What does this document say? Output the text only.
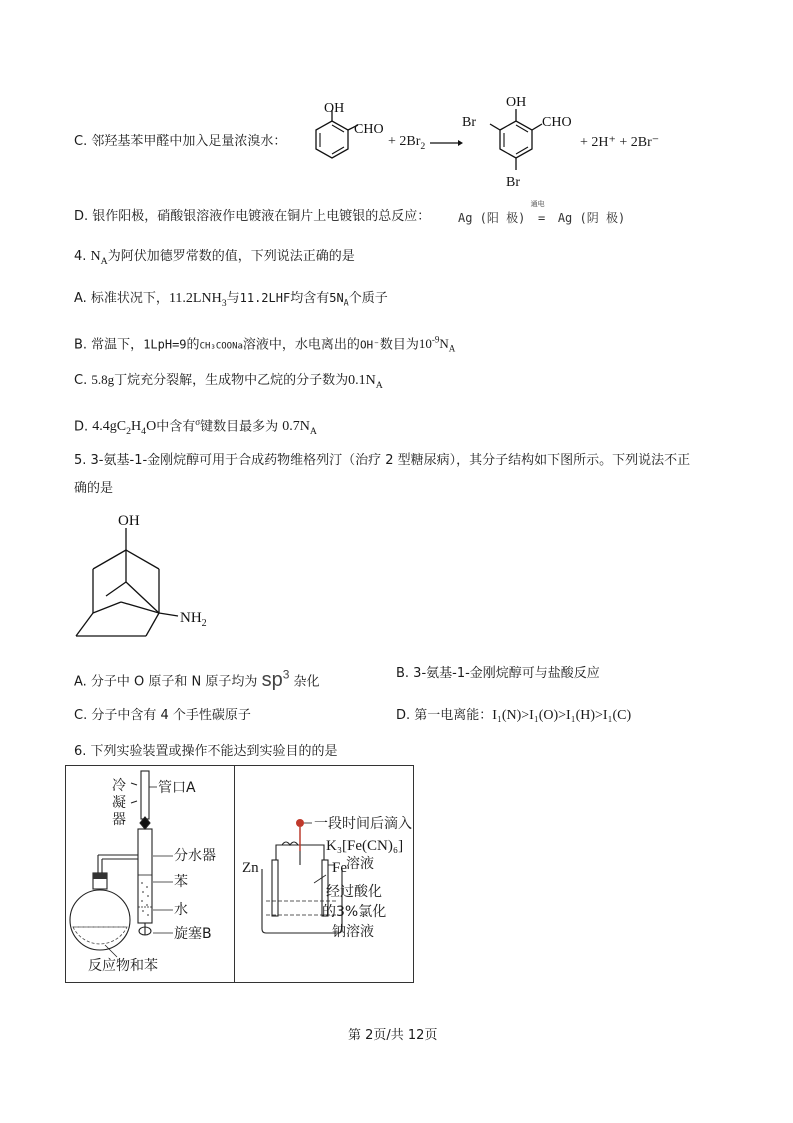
C. 邻羟基苯甲醛中加入足量浓溴水：
OH
CHO
+ $2Br_2$ →
OH
Br	CHO
Br
+ 2H⁺ + 2Br⁻
D. 银作阳极，硝酸银溶液作电镀液在铜片上电镀银的总反应： Ag (阳 极)
通电
= Ag (阴 极)
4. $N_A$为阿伏加德罗常数的值，下列说法正确的是
A. 标准状况下，$11.2LNH_3$与11.2LHF均含有$5N_A$个质子
B. 常温下，1LpH=9的CH₃COONa溶液中，水电离出的OH⁻数目为$10^{-9}N_A$
C. 5.8g丁烷充分裂解，生成物中乙烷的分子数为$0.1N_A$
D. $4.4gC_2H_4O$中含有$^\sigma$键数目最多为 $0.7N_A$
5. 3-氨基-1-金刚烷醇可用于合成药物维格列汀（治疗 2 型糖尿病），其分子结构如下图所示。下列说法不正
确的是
OH
$NH_2$
A. 分子中 O 原子和 N 原子均为 $sp^3$ 杂化
B. 3-氨基-1-金刚烷醇可与盐酸反应
C. 分子中含有 4 个手性碳原子	D. 第一电离能：I₁(N)>I₁(O)>I₁(H)>I₁(C)
6. 下列实验装置或操作不能达到实验目的的是
冷
凝
器
管口A
分水器
苯
水
旋塞B
反应物和苯
一段时间后滴入
K₃[Fe(CN)₆]
溶液
Zn	Fe
经过酸化
的3%氯化
钠溶液
第 2页/共 12页
